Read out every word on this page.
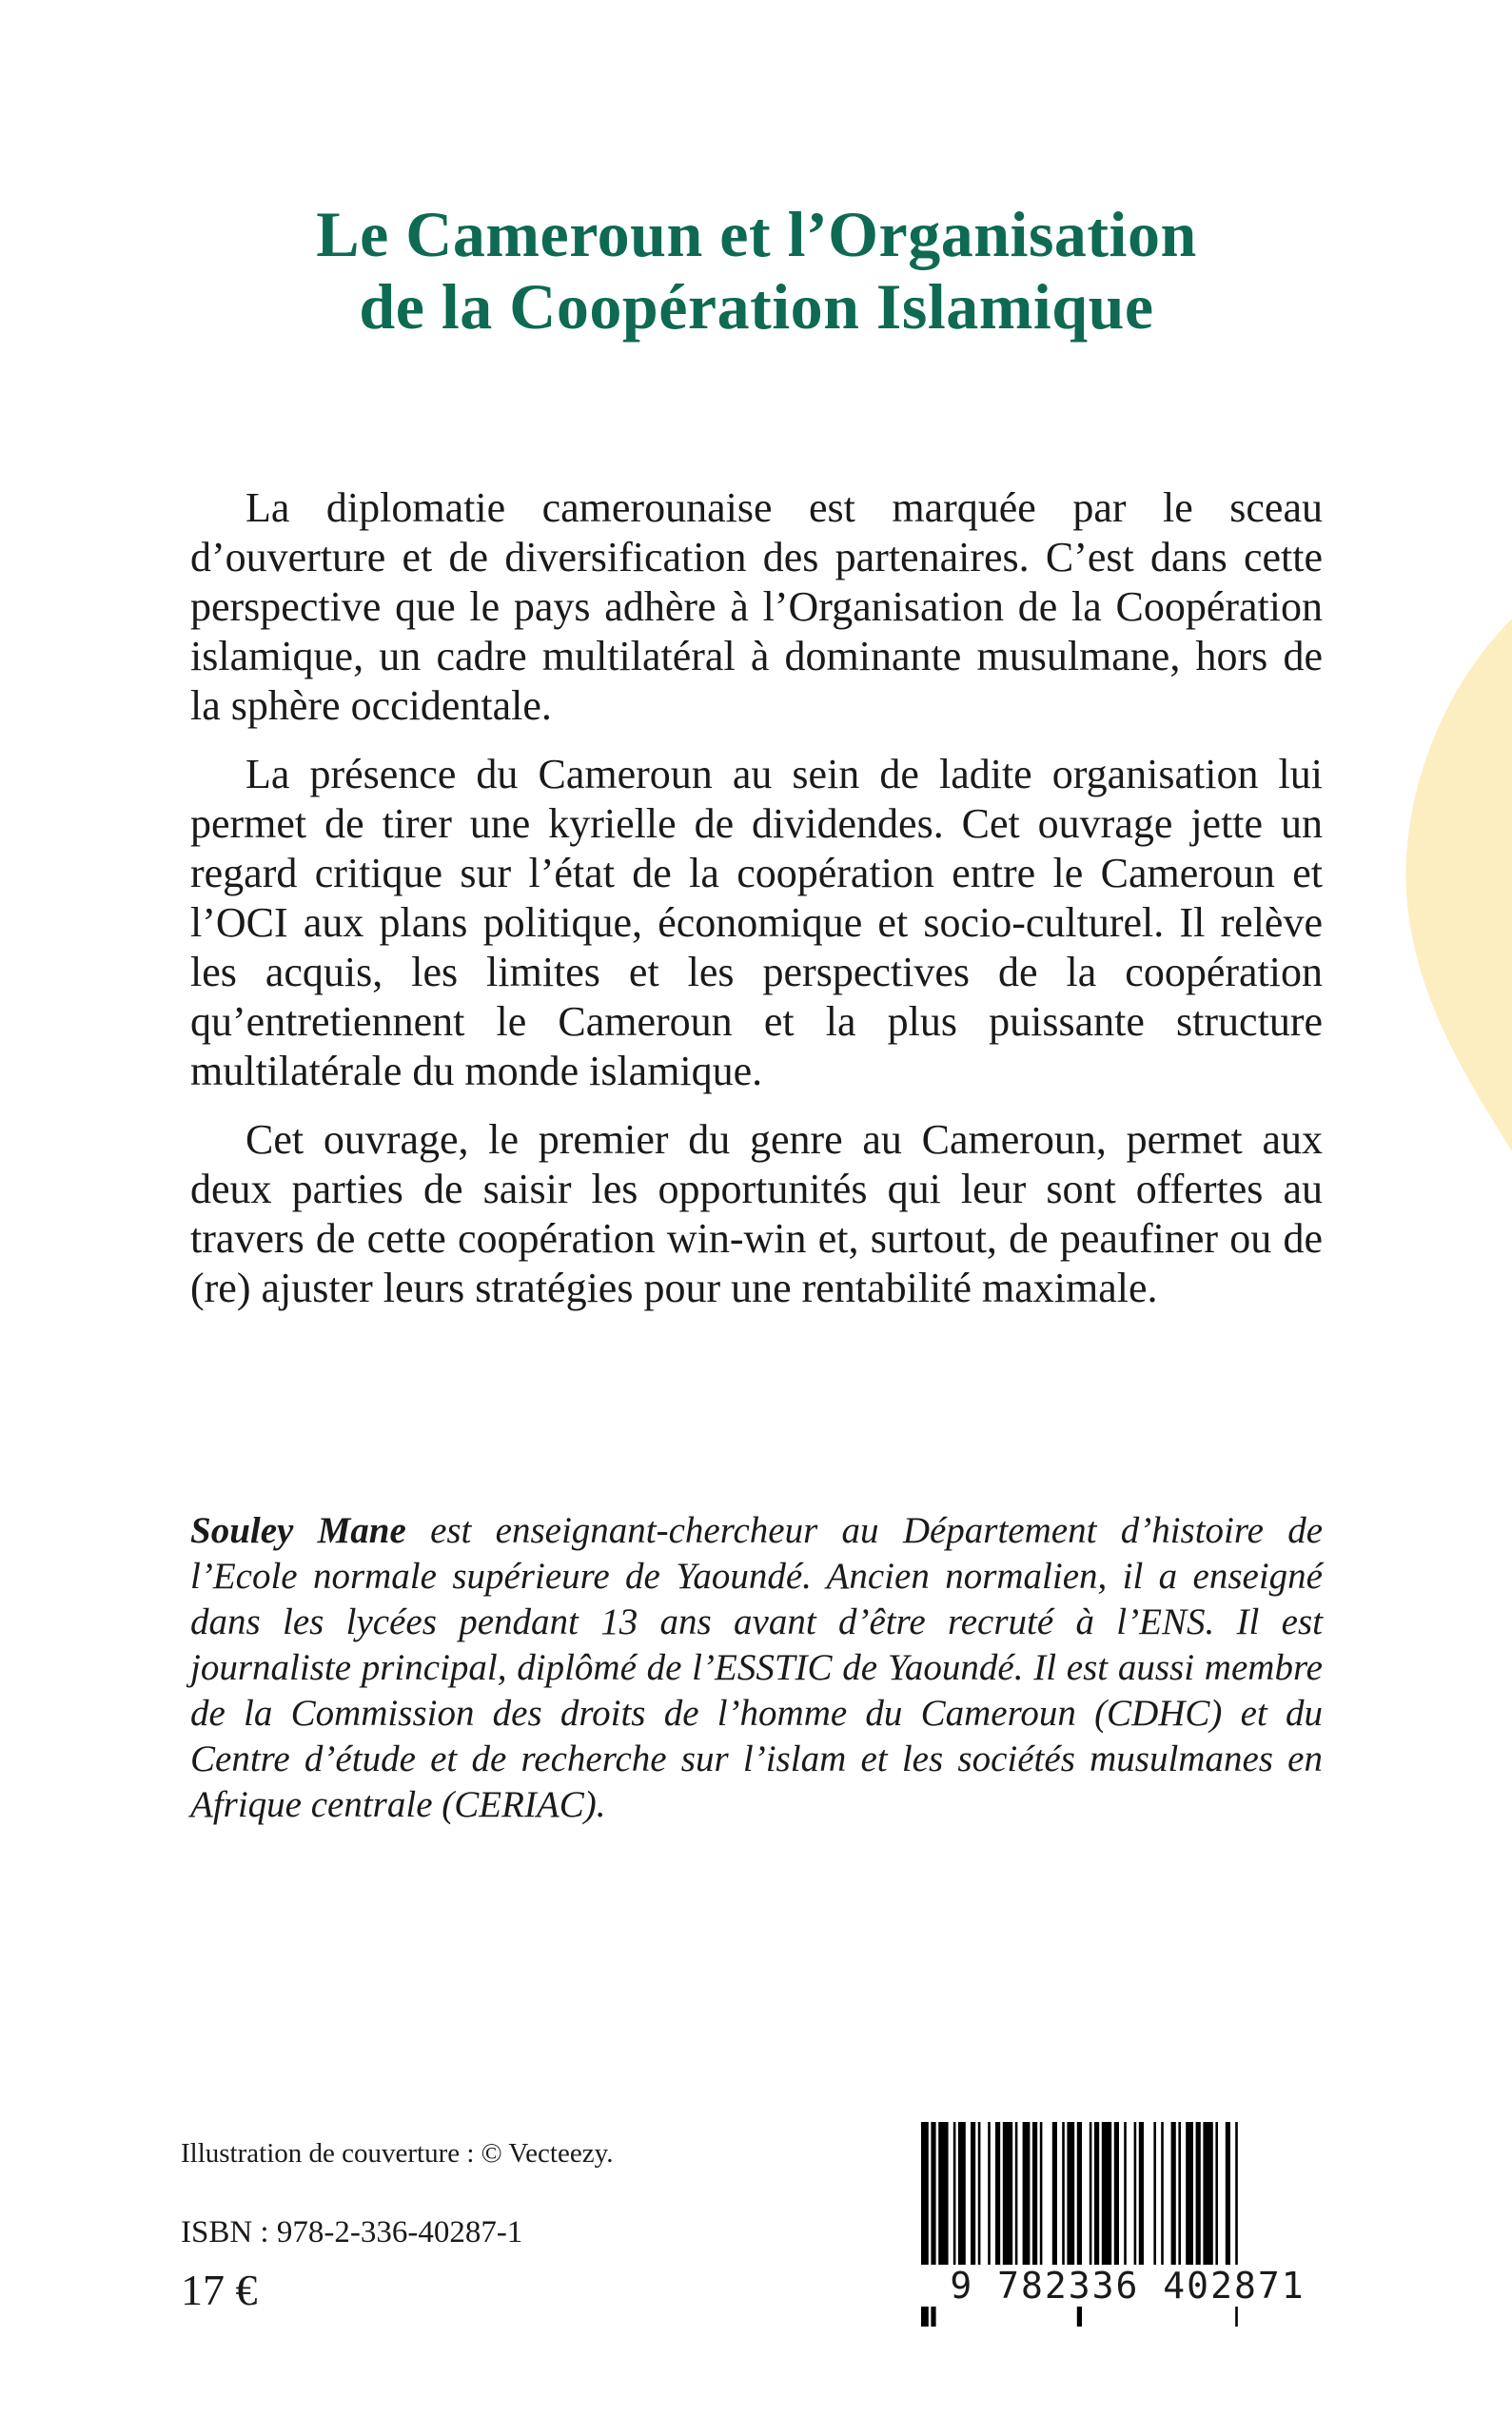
Le Cameroun et l’Organisation
de la Coopération Islamique

La diplomatie camerounaise est marquée par le sceau d’ouverture et de diversification des partenaires. C’est dans cette perspective que le pays adhère à l’Organisation de la Coopération islamique, un cadre multilatéral à dominante musulmane, hors de la sphère occidentale.

La présence du Cameroun au sein de ladite organisation lui permet de tirer une kyrielle de dividendes. Cet ouvrage jette un regard critique sur l’état de la coopération entre le Cameroun et l’OCI aux plans politique, économique et socio-culturel. Il relève les acquis, les limites et les perspectives de la coopération qu’entretiennent le Cameroun et la plus puissante structure multilatérale du monde islamique.

Cet ouvrage, le premier du genre au Cameroun, permet aux deux parties de saisir les opportunités qui leur sont offertes au travers de cette coopération win-win et, surtout, de peaufiner ou de (re) ajuster leurs stratégies pour une rentabilité maximale.

Souley Mane est enseignant-chercheur au Département d’histoire de l’Ecole normale supérieure de Yaoundé. Ancien normalien, il a enseigné dans les lycées pendant 13 ans avant d’être recruté à l’ENS. Il est journaliste principal, diplômé de l’ESSTIC de Yaoundé. Il est aussi membre de la Commission des droits de l’homme du Cameroun (CDHC) et du Centre d’étude et de recherche sur l’islam et les sociétés musulmanes en Afrique centrale (CERIAC).
Illustration de couverture : © Vecteezy.
ISBN : 978-2-336-40287-1
17 €	9 782336 402871
